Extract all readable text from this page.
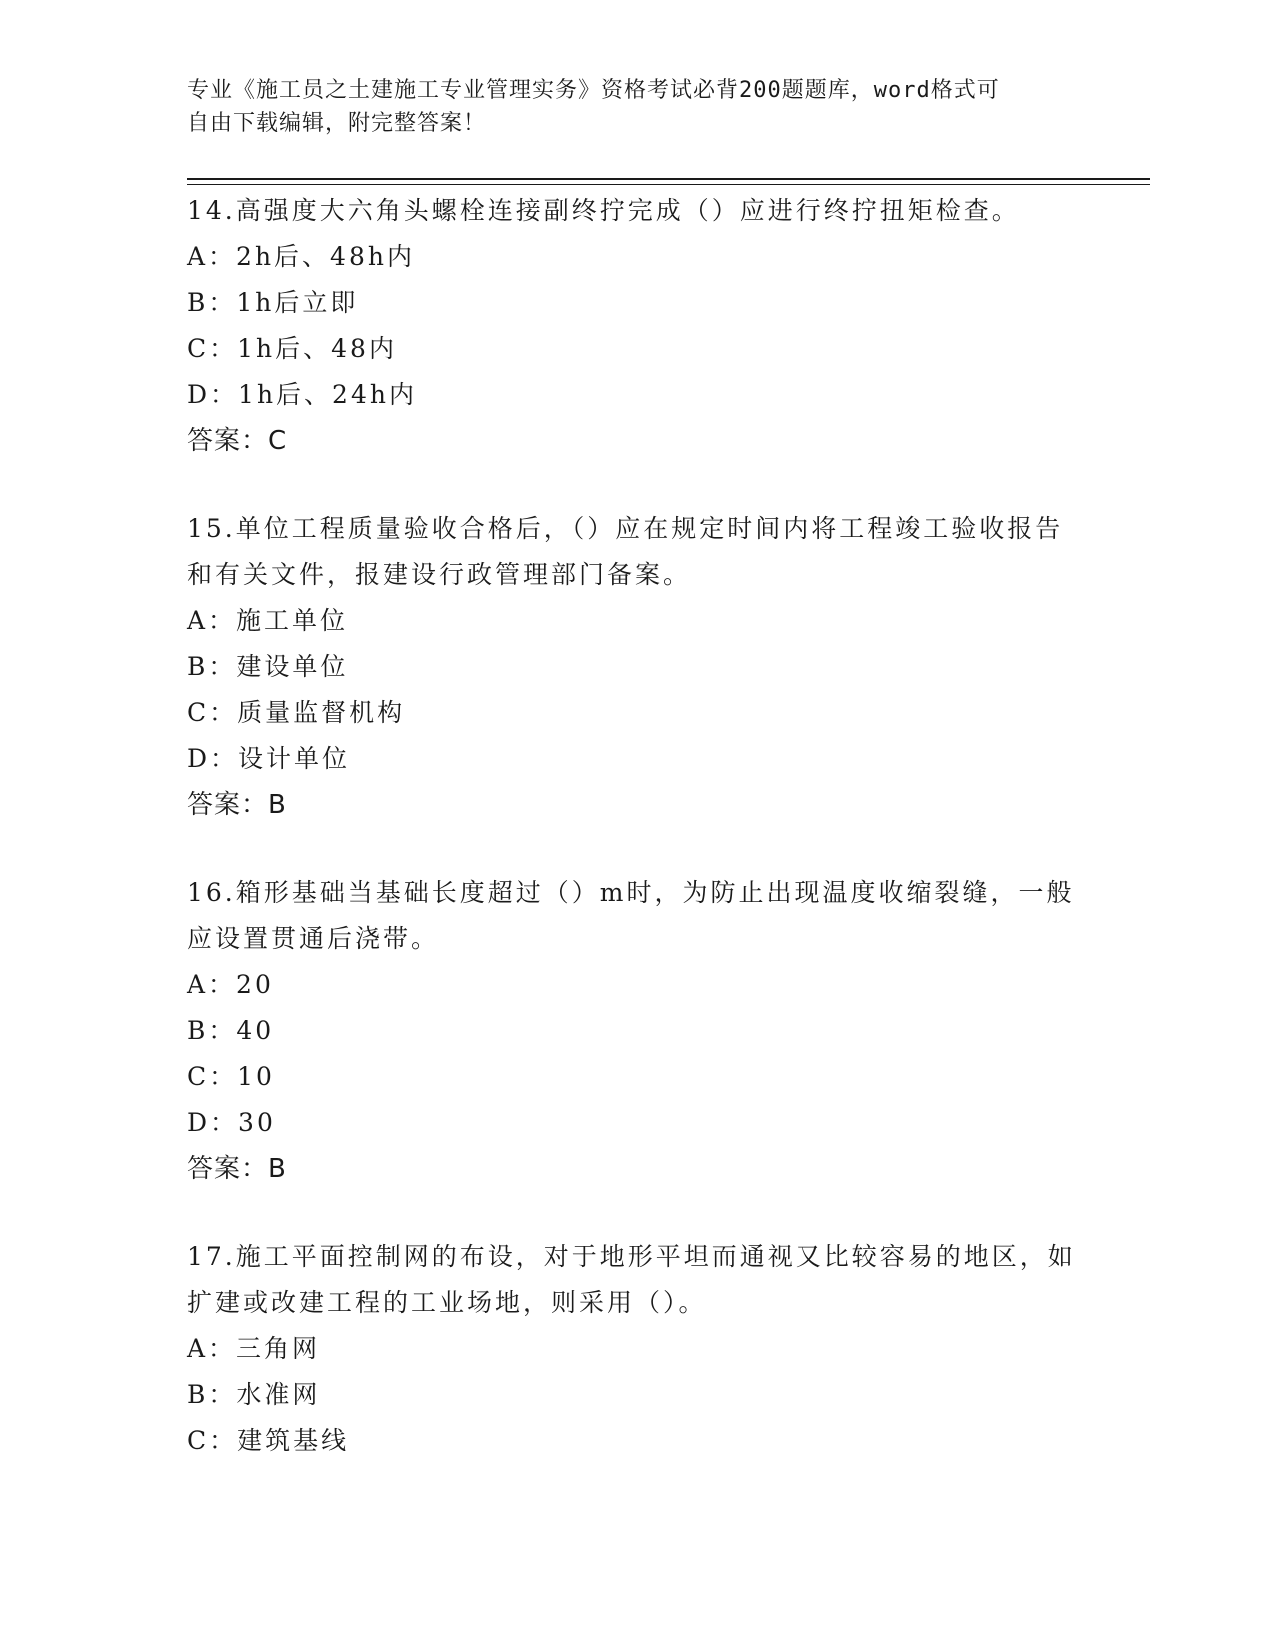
专业《施工员之土建施工专业管理实务》资格考试必背200题题库，word格式可
自由下载编辑，附完整答案！
14.高强度大六角头螺栓连接副终拧完成（）应进行终拧扭矩检查。
A：2h后、48h内
B：1h后立即
C：1h后、48内
D：1h后、24h内
答案：C
15.单位工程质量验收合格后，（）应在规定时间内将工程竣工验收报告和有关文件，报建设行政管理部门备案。
A：施工单位
B：建设单位
C：质量监督机构
D：设计单位
答案：B
16.箱形基础当基础长度超过（）m时，为防止出现温度收缩裂缝，一般应设置贯通后浇带。
A：20
B：40
C：10
D：30
答案：B
17.施工平面控制网的布设，对于地形平坦而通视又比较容易的地区，如扩建或改建工程的工业场地，则采用（）。
A：三角网
B：水准网
C：建筑基线
